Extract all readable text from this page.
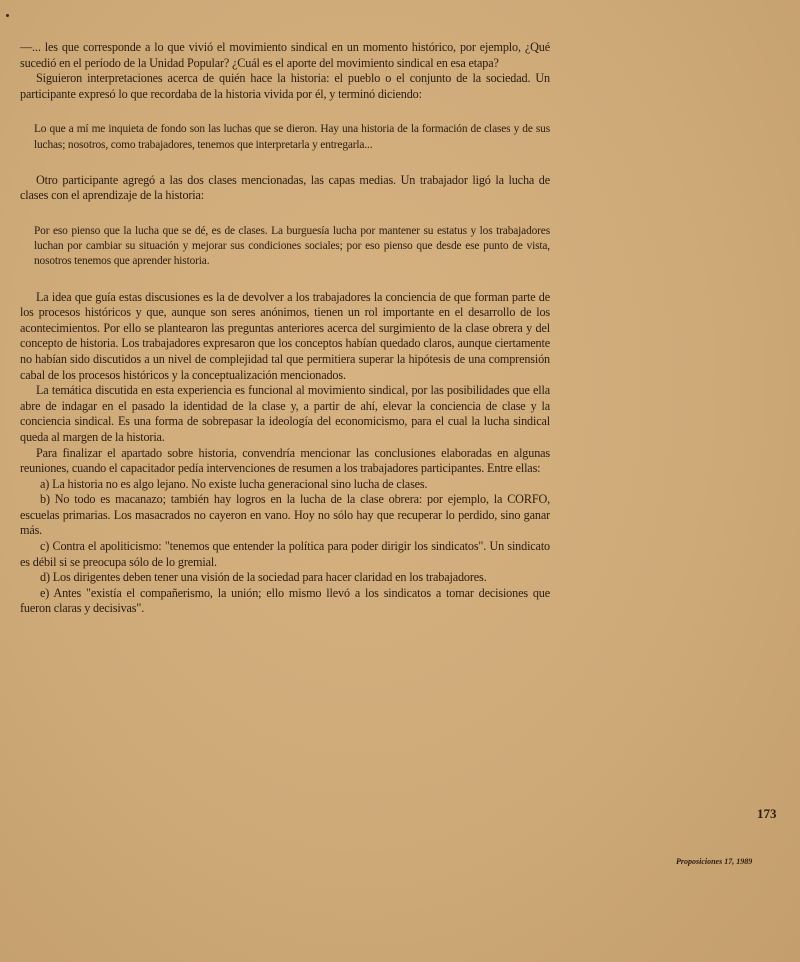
—... les que corresponde a lo que vivió el movimiento sindical en un momento histórico, por ejemplo, ¿Qué sucedió en el período de la Unidad Popular? ¿Cuál es el aporte del movimiento sindical en esa etapa?

Siguieron interpretaciones acerca de quién hace la historia: el pueblo o el conjunto de la sociedad. Un participante expresó lo que recordaba de la historia vivida por él, y terminó diciendo:

Lo que a mí me inquieta de fondo son las luchas que se dieron. Hay una historia de la formación de clases y de sus luchas; nosotros, como trabajadores, tenemos que interpretarla y entregarla...

Otro participante agregó a las dos clases mencionadas, las capas medias. Un trabajador ligó la lucha de clases con el aprendizaje de la historia:

Por eso pienso que la lucha que se dé, es de clases. La burguesía lucha por mantener su estatus y los trabajadores luchan por cambiar su situación y mejorar sus condiciones sociales; por eso pienso que desde ese punto de vista, nosotros tenemos que aprender historia.

La idea que guía estas discusiones es la de devolver a los trabajadores la conciencia de que forman parte de los procesos históricos y que, aunque son seres anónimos, tienen un rol importante en el desarrollo de los acontecimientos. Por ello se plantearon las preguntas anteriores acerca del surgimiento de la clase obrera y del concepto de historia. Los trabajadores expresaron que los conceptos habían quedado claros, aunque ciertamente no habían sido discutidos a un nivel de complejidad tal que permitiera superar la hipótesis de una comprensión cabal de los procesos históricos y la conceptualización mencionados.

La temática discutida en esta experiencia es funcional al movimiento sindical, por las posibilidades que ella abre de indagar en el pasado la identidad de la clase y, a partir de ahí, elevar la conciencia de clase y la conciencia sindical. Es una forma de sobrepasar la ideología del economicismo, para el cual la lucha sindical queda al margen de la historia.

Para finalizar el apartado sobre historia, convendría mencionar las conclusiones elaboradas en algunas reuniones, cuando el capacitador pedía intervenciones de resumen a los trabajadores participantes. Entre ellas:

a) La historia no es algo lejano. No existe lucha generacional sino lucha de clases.

b) No todo es macanazo; también hay logros en la lucha de la clase obrera: por ejemplo, la CORFO, escuelas primarias. Los masacrados no cayeron en vano. Hoy no sólo hay que recuperar lo perdido, sino ganar más.

c) Contra el apoliticismo: "tenemos que entender la política para poder dirigir los sindicatos". Un sindicato es débil si se preocupa sólo de lo gremial.

d) Los dirigentes deben tener una visión de la sociedad para hacer claridad en los trabajadores.

e) Antes "existía el compañerismo, la unión; ello mismo llevó a los sindicatos a tomar decisiones que fueron claras y decisivas".

173
Proposiciones 17, 1989
